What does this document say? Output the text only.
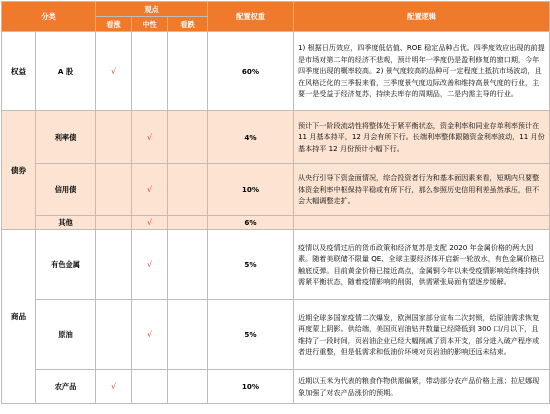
分类		观点			配置权重	配置逻辑
		看涨	中性	看跌		
权益	A 股	√			60%	1) 根据日历效应，四季度低估值、ROE 稳定品种占优。四季度效应出现的前提是市场对第二年的经济不悲观，预计明年一季度仍是盈利修复的窗口期，今年四季度出现的概率较高。2) 景气度较高的品种可一定程度上抵抗市场波动，且在风格泛化的三季报来看，三季度景气度边际改善和维持高景气度的行业，主要一是受益于经济复苏，持续去库存的周期品，二是内需主导的行业。
债券	利率债		√		4%	预计下一阶段流动性将整体处于紧平衡状态，资金利率和同业存单利率预计在 11 月基本持平，12 月会有所下行。长端利率整体跟随资金利率波动，11 月份基本持平 12 月份预计小幅下行。
	信用债		√		10%	从央行引导下资金面情况，综合投资者行为和基本面因素来看，短期内只要整体资金利率中枢保持平稳或有所下行，那么参照历史信用利差虽然承压，但不会大幅调整走扩。
	其他		√		6%	
商品	有色金属		√		5%	疫情以及疫情过后的货币政策和经济复苏是支配 2020 年金属价格的两大因素。随着美联储不限量 QE、全球主要经济体开启新一轮放水，有色金属价格已触底反弹。目前黄金价格已接近高点，金属铜今年以来受疫情影响始终维持供需紧平衡状态，随着疫情影响的削弱，供需紧张局面有望逐步缓解。
	原油		√		5%	近期全球多国家疫情二次爆发，欧洲国家部分宣布二次封锁，给原油需求恢复再度蒙上阴影。供给端，美国页岩油钻井数量已经降低到 300 口/月以下，且维持了一段时间，页岩油企业已经大幅削减了资本开支，部分进入破产程序或者进行重整，但是低需求和低油价环境对页岩油的影响还远未结束。
	农产品	√			10%	近期以玉米为代表的粮食作物供需偏紧，带动部分农产品价格上涨；拉尼娜现象加强了对农产品涨价的预期。
